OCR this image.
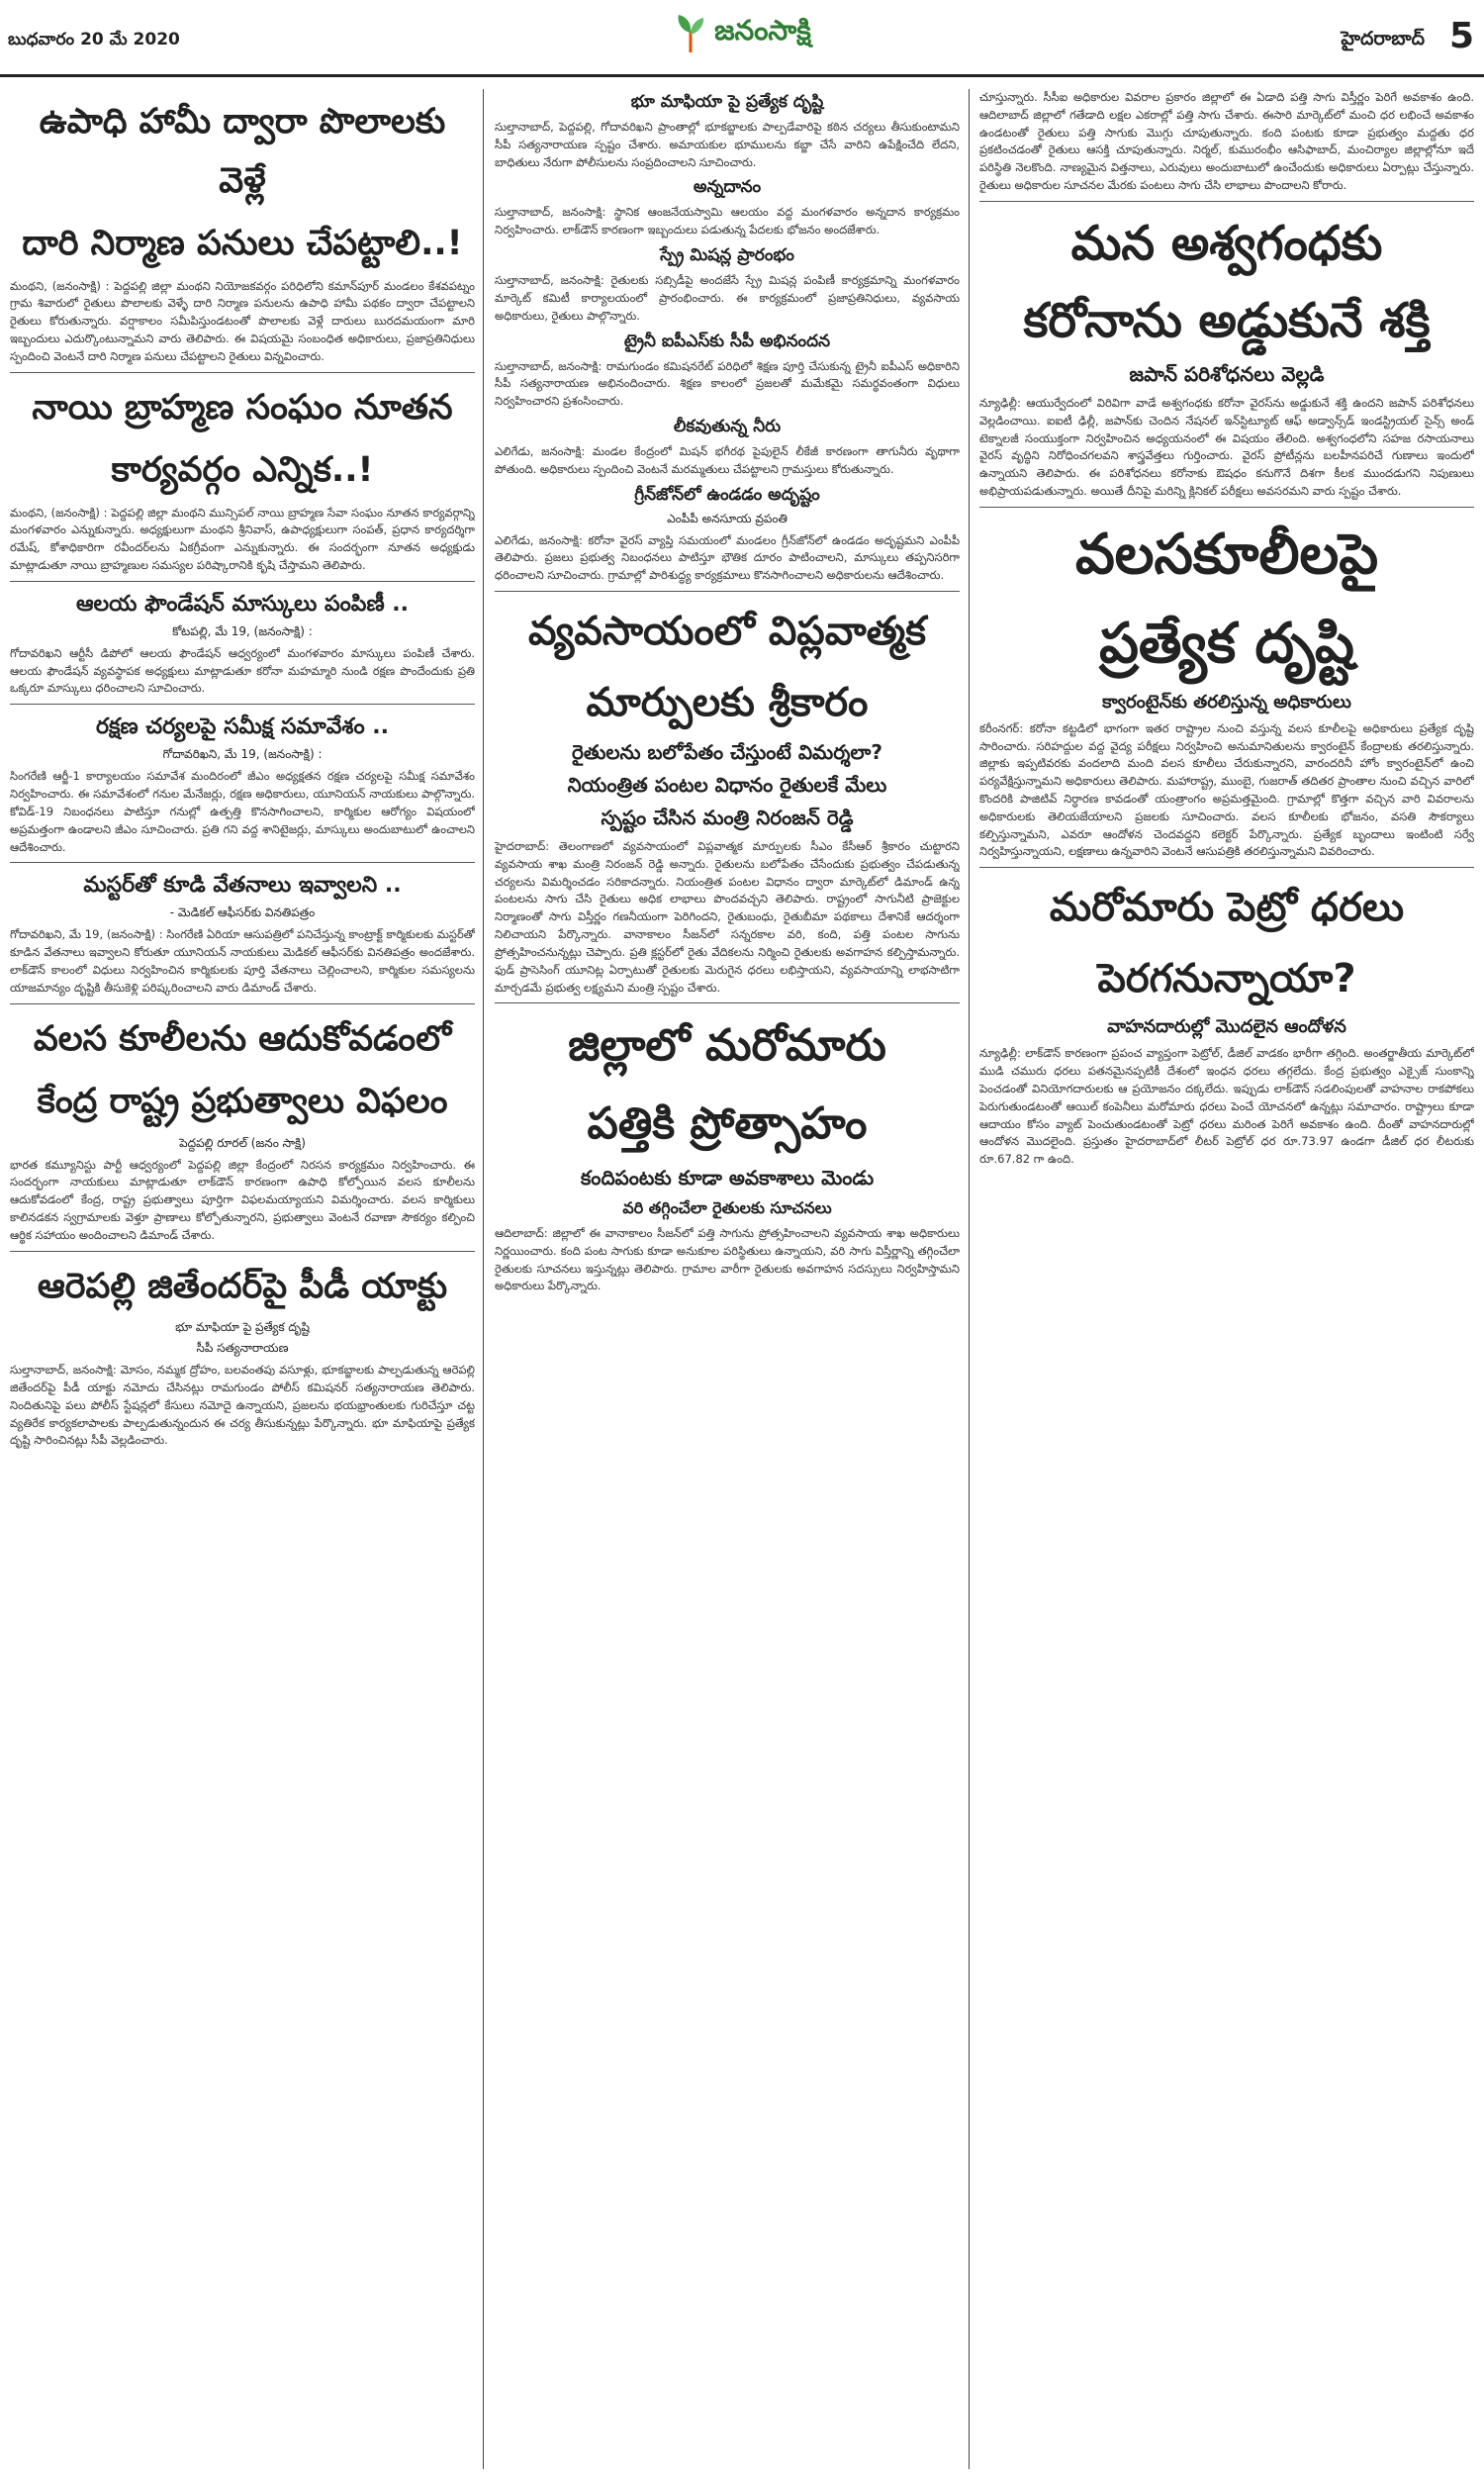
బుధవారం 20 మే 2020	జనంసాక్షి	హైదరాబాద్ 5
ఉపాధి హామీ ద్వారా పొలాలకు వెళ్లే
దారి నిర్మాణ పనులు చేపట్టాలి..!

మంథని, (జనంసాక్షి) : పెద్దపల్లి జిల్లా మంథని నియోజకవర్గం పరిధిలోని కమాన్‌పూర్ మండలం కేశవపట్నం గ్రామ శివారులో రైతులు పొలాలకు వెళ్ళే దారి నిర్మాణ పనులను ఉపాధి హామీ పథకం ద్వారా చేపట్టాలని రైతులు కోరుతున్నారు. వర్షాకాలం సమీపిస్తుండటంతో పొలాలకు వెళ్లే దారులు బురదమయంగా మారి ఇబ్బందులు ఎదుర్కొంటున్నామని వారు తెలిపారు. ఈ విషయమై సంబంధిత అధికారులు, ప్రజాప్రతినిధులు స్పందించి వెంటనే దారి నిర్మాణ పనులు చేపట్టాలని రైతులు విన్నవించారు.

నాయి బ్రాహ్మణ సంఘం నూతన
కార్యవర్గం ఎన్నిక..!

మంథని, (జనంసాక్షి) : పెద్దపల్లి జిల్లా మంథని మున్సిపల్ నాయి బ్రాహ్మణ సేవా సంఘం నూతన కార్యవర్గాన్ని మంగళవారం ఎన్నుకున్నారు. అధ్యక్షులుగా మంథని శ్రీనివాస్, ఉపాధ్యక్షులుగా సంపత్, ప్రధాన కార్యదర్శిగా రమేష్, కోశాధికారిగా రవీందర్‌లను ఏకగ్రీవంగా ఎన్నుకున్నారు. ఈ సందర్భంగా నూతన అధ్యక్షుడు మాట్లాడుతూ నాయి బ్రాహ్మణుల సమస్యల పరిష్కారానికి కృషి చేస్తామని తెలిపారు.

ఆలయ ఫౌండేషన్ మాస్కులు పంపిణీ ..
కోటపల్లి, మే 19, (జనంసాక్షి) :

గోదావరిఖని ఆర్టీసీ డిపోలో ఆలయ ఫౌండేషన్ ఆధ్వర్యంలో మంగళవారం మాస్కులు పంపిణీ చేశారు. ఆలయ ఫౌండేషన్ వ్యవస్థాపక అధ్యక్షులు మాట్లాడుతూ కరోనా మహమ్మారి నుండి రక్షణ పొందేందుకు ప్రతి ఒక్కరూ మాస్కులు ధరించాలని సూచించారు.

రక్షణ చర్యలపై సమీక్ష సమావేశం ..
గోదావరిఖని, మే 19, (జనంసాక్షి) :

సింగరేణి ఆర్జీ-1 కార్యాలయం సమావేశ మందిరంలో జీఎం అధ్యక్షతన రక్షణ చర్యలపై సమీక్ష సమావేశం నిర్వహించారు. ఈ సమావేశంలో గనుల మేనేజర్లు, రక్షణ అధికారులు, యూనియన్ నాయకులు పాల్గొన్నారు. కోవిడ్-19 నిబంధనలు పాటిస్తూ గనుల్లో ఉత్పత్తి కొనసాగించాలని, కార్మికుల ఆరోగ్యం విషయంలో అప్రమత్తంగా ఉండాలని జీఎం సూచించారు. ప్రతి గని వద్ద శానిటైజర్లు, మాస్కులు అందుబాటులో ఉంచాలని ఆదేశించారు.

మస్టర్‌తో కూడి వేతనాలు ఇవ్వాలని ..
- మెడికల్ ఆఫీసర్‌కు వినతిపత్రం

గోదావరిఖని, మే 19, (జనంసాక్షి) : సింగరేణి ఏరియా ఆసుపత్రిలో పనిచేస్తున్న కాంట్రాక్ట్ కార్మికులకు మస్టర్‌తో కూడిన వేతనాలు ఇవ్వాలని కోరుతూ యూనియన్ నాయకులు మెడికల్ ఆఫీసర్‌కు వినతిపత్రం అందజేశారు. లాక్‌డౌన్ కాలంలో విధులు నిర్వహించిన కార్మికులకు పూర్తి వేతనాలు చెల్లించాలని, కార్మికుల సమస్యలను యాజమాన్యం దృష్టికి తీసుకెళ్లి పరిష్కరించాలని వారు డిమాండ్ చేశారు.

వలస కూలీలను ఆదుకోవడంలో
కేంద్ర రాష్ట్ర ప్రభుత్వాలు విఫలం
పెద్దపల్లి రూరల్ (జనం సాక్షి)

భారత కమ్యూనిస్టు పార్టీ ఆధ్వర్యంలో పెద్దపల్లి జిల్లా కేంద్రంలో నిరసన కార్యక్రమం నిర్వహించారు. ఈ సందర్భంగా నాయకులు మాట్లాడుతూ లాక్‌డౌన్ కారణంగా ఉపాధి కోల్పోయిన వలస కూలీలను ఆదుకోవడంలో కేంద్ర, రాష్ట్ర ప్రభుత్వాలు పూర్తిగా విఫలమయ్యాయని విమర్శించారు. వలస కార్మికులు కాలినడకన స్వగ్రామాలకు వెళ్తూ ప్రాణాలు కోల్పోతున్నారని, ప్రభుత్వాలు వెంటనే రవాణా సౌకర్యం కల్పించి ఆర్థిక సహాయం అందించాలని డిమాండ్ చేశారు.

ఆరెపల్లి జితేందర్‌పై పీడీ యాక్టు
భూ మాఫియా పై ప్రత్యేక దృష్టి
సీపీ సత్యనారాయణ

సుల్తానాబాద్, జనంసాక్షి: మోసం, నమ్మక ద్రోహం, బలవంతపు వసూళ్లు, భూకబ్జాలకు పాల్పడుతున్న ఆరెపల్లి జితేందర్‌పై పీడీ యాక్టు నమోదు చేసినట్లు రామగుండం పోలీస్ కమిషనర్ సత్యనారాయణ తెలిపారు. నిందితునిపై పలు పోలీస్ స్టేషన్లలో కేసులు నమోదై ఉన్నాయని, ప్రజలను భయభ్రాంతులకు గురిచేస్తూ చట్ట వ్యతిరేక కార్యకలాపాలకు పాల్పడుతున్నందున ఈ చర్య తీసుకున్నట్లు పేర్కొన్నారు. భూ మాఫియాపై ప్రత్యేక దృష్టి సారించినట్లు సీపీ వెల్లడించారు.

భూ మాఫియా పై ప్రత్యేక దృష్టి

సుల్తానాబాద్, పెద్దపల్లి, గోదావరిఖని ప్రాంతాల్లో భూకబ్జాలకు పాల్పడేవారిపై కఠిన చర్యలు తీసుకుంటామని సీపీ సత్యనారాయణ స్పష్టం చేశారు. అమాయకుల భూములను కబ్జా చేసే వారిని ఉపేక్షించేది లేదని, బాధితులు నేరుగా పోలీసులను సంప్రదించాలని సూచించారు.

అన్నదానం

సుల్తానాబాద్, జనంసాక్షి: స్థానిక ఆంజనేయస్వామి ఆలయం వద్ద మంగళవారం అన్నదాన కార్యక్రమం నిర్వహించారు. లాక్‌డౌన్ కారణంగా ఇబ్బందులు పడుతున్న పేదలకు భోజనం అందజేశారు.

స్ప్రే మిషన్ల ప్రారంభం

సుల్తానాబాద్, జనంసాక్షి: రైతులకు సబ్సిడీపై అందజేసే స్ప్రే మిషన్ల పంపిణీ కార్యక్రమాన్ని మంగళవారం మార్కెట్ కమిటీ కార్యాలయంలో ప్రారంభించారు. ఈ కార్యక్రమంలో ప్రజాప్రతినిధులు, వ్యవసాయ అధికారులు, రైతులు పాల్గొన్నారు.

ట్రైనీ ఐపీఎస్‌కు సీపీ అభినందన

సుల్తానాబాద్, జనంసాక్షి: రామగుండం కమిషనరేట్ పరిధిలో శిక్షణ పూర్తి చేసుకున్న ట్రైనీ ఐపీఎస్ అధికారిని సీపీ సత్యనారాయణ అభినందించారు. శిక్షణ కాలంలో ప్రజలతో మమేకమై సమర్థవంతంగా విధులు నిర్వహించారని ప్రశంసించారు.

లీకవుతున్న నీరు

ఎలిగేడు, జనంసాక్షి: మండల కేంద్రంలో మిషన్ భగీరథ పైపులైన్ లీకేజీ కారణంగా తాగునీరు వృథాగా పోతుంది. అధికారులు స్పందించి వెంటనే మరమ్మతులు చేపట్టాలని గ్రామస్తులు కోరుతున్నారు.

గ్రీన్‌జోన్‌లో ఉండడం అదృష్టం
ఎంపీపీ అనసూయ వ్రపంతి

ఎలిగేడు, జనంసాక్షి: కరోనా వైరస్ వ్యాప్తి సమయంలో మండలం గ్రీన్‌జోన్‌లో ఉండడం అదృష్టమని ఎంపీపీ తెలిపారు. ప్రజలు ప్రభుత్వ నిబంధనలు పాటిస్తూ భౌతిక దూరం పాటించాలని, మాస్కులు తప్పనిసరిగా ధరించాలని సూచించారు. గ్రామాల్లో పారిశుద్ధ్య కార్యక్రమాలు కొనసాగించాలని అధికారులను ఆదేశించారు.

వ్యవసాయంలో విప్లవాత్మక
మార్పులకు శ్రీకారం
రైతులను బలోపేతం చేస్తుంటే విమర్శలా?
నియంత్రిత పంటల విధానం రైతులకే మేలు
స్పష్టం చేసిన మంత్రి నిరంజన్ రెడ్డి

హైదరాబాద్: తెలంగాణలో వ్యవసాయంలో విప్లవాత్మక మార్పులకు సీఎం కేసీఆర్ శ్రీకారం చుట్టారని వ్యవసాయ శాఖ మంత్రి నిరంజన్ రెడ్డి అన్నారు. రైతులను బలోపేతం చేసేందుకు ప్రభుత్వం చేపడుతున్న చర్యలను విమర్శించడం సరికాదన్నారు. నియంత్రిత పంటల విధానం ద్వారా మార్కెట్‌లో డిమాండ్ ఉన్న పంటలను సాగు చేసి రైతులు అధిక లాభాలు పొందవచ్చని తెలిపారు. రాష్ట్రంలో సాగునీటి ప్రాజెక్టుల నిర్మాణంతో సాగు విస్తీర్ణం గణనీయంగా పెరిగిందని, రైతుబంధు, రైతుబీమా పథకాలు దేశానికే ఆదర్శంగా నిలిచాయని పేర్కొన్నారు. వానాకాలం సీజన్‌లో సన్నరకాల వరి, కంది, పత్తి పంటల సాగును ప్రోత్సహించనున్నట్లు చెప్పారు. ప్రతి క్లస్టర్‌లో రైతు వేదికలను నిర్మించి రైతులకు అవగాహన కల్పిస్తామన్నారు. ఫుడ్ ప్రాసెసింగ్ యూనిట్ల ఏర్పాటుతో రైతులకు మెరుగైన ధరలు లభిస్తాయని, వ్యవసాయాన్ని లాభసాటిగా మార్చడమే ప్రభుత్వ లక్ష్యమని మంత్రి స్పష్టం చేశారు.

జిల్లాలో మరోమారు
పత్తికి ప్రోత్సాహం
కందిపంటకు కూడా అవకాశాలు మెండు
వరి తగ్గించేలా రైతులకు సూచనలు

ఆదిలాబాద్: జిల్లాలో ఈ వానాకాలం సీజన్‌లో పత్తి సాగును ప్రోత్సహించాలని వ్యవసాయ శాఖ అధికారులు నిర్ణయించారు. కంది పంట సాగుకు కూడా అనుకూల పరిస్థితులు ఉన్నాయని, వరి సాగు విస్తీర్ణాన్ని తగ్గించేలా రైతులకు సూచనలు ఇస్తున్నట్లు తెలిపారు. గ్రామాల వారీగా రైతులకు అవగాహన సదస్సులు నిర్వహిస్తామని అధికారులు పేర్కొన్నారు.

చూస్తున్నారు. సీసీఐ అధికారుల వివరాల ప్రకారం జిల్లాలో ఈ ఏడాది పత్తి సాగు విస్తీర్ణం పెరిగే అవకాశం ఉంది. ఆదిలాబాద్ జిల్లాలో గతేడాది లక్షల ఎకరాల్లో పత్తి సాగు చేశారు. ఈసారి మార్కెట్‌లో మంచి ధర లభించే అవకాశం ఉండటంతో రైతులు పత్తి సాగుకు మొగ్గు చూపుతున్నారు. కంది పంటకు కూడా ప్రభుత్వం మద్దతు ధర ప్రకటించడంతో రైతులు ఆసక్తి చూపుతున్నారు. నిర్మల్, కుమురంభీం ఆసిఫాబాద్, మంచిర్యాల జిల్లాల్లోనూ ఇదే పరిస్థితి నెలకొంది. నాణ్యమైన విత్తనాలు, ఎరువులు అందుబాటులో ఉంచేందుకు అధికారులు ఏర్పాట్లు చేస్తున్నారు. రైతులు అధికారుల సూచనల మేరకు పంటలు సాగు చేసి లాభాలు పొందాలని కోరారు.

మన అశ్వగంధకు
కరోనాను అడ్డుకునే శక్తి
జపాన్ పరిశోధనలు వెల్లడి

న్యూఢిల్లీ: ఆయుర్వేదంలో విరివిగా వాడే అశ్వగంధకు కరోనా వైరస్‌ను అడ్డుకునే శక్తి ఉందని జపాన్ పరిశోధనలు వెల్లడించాయి. ఐఐటీ ఢిల్లీ, జపాన్‌కు చెందిన నేషనల్ ఇన్‌స్టిట్యూట్ ఆఫ్ అడ్వాన్స్‌డ్ ఇండస్ట్రియల్ సైన్స్ అండ్ టెక్నాలజీ సంయుక్తంగా నిర్వహించిన అధ్యయనంలో ఈ విషయం తేలింది. అశ్వగంధలోని సహజ రసాయనాలు వైరస్ వృద్ధిని నిరోధించగలవని శాస్త్రవేత్తలు గుర్తించారు. వైరస్ ప్రోటీన్లను బలహీనపరిచే గుణాలు ఇందులో ఉన్నాయని తెలిపారు. ఈ పరిశోధనలు కరోనాకు ఔషధం కనుగొనే దిశగా కీలక ముందడుగని నిపుణులు అభిప్రాయపడుతున్నారు. అయితే దీనిపై మరిన్ని క్లినికల్ పరీక్షలు అవసరమని వారు స్పష్టం చేశారు.

వలసకూలీలపై
ప్రత్యేక దృష్టి
క్వారంటైన్‌కు తరలిస్తున్న అధికారులు

కరీంనగర్: కరోనా కట్టడిలో భాగంగా ఇతర రాష్ట్రాల నుంచి వస్తున్న వలస కూలీలపై అధికారులు ప్రత్యేక దృష్టి సారించారు. సరిహద్దుల వద్ద వైద్య పరీక్షలు నిర్వహించి అనుమానితులను క్వారంటైన్ కేంద్రాలకు తరలిస్తున్నారు. జిల్లాకు ఇప్పటివరకు వందలాది మంది వలస కూలీలు చేరుకున్నారని, వారందరినీ హోం క్వారంటైన్‌లో ఉంచి పర్యవేక్షిస్తున్నామని అధికారులు తెలిపారు. మహారాష్ట్ర, ముంబై, గుజరాత్ తదితర ప్రాంతాల నుంచి వచ్చిన వారిలో కొందరికి పాజిటివ్ నిర్ధారణ కావడంతో యంత్రాంగం అప్రమత్తమైంది. గ్రామాల్లో కొత్తగా వచ్చిన వారి వివరాలను అధికారులకు తెలియజేయాలని ప్రజలకు సూచించారు. వలస కూలీలకు భోజనం, వసతి సౌకర్యాలు కల్పిస్తున్నామని, ఎవరూ ఆందోళన చెందవద్దని కలెక్టర్ పేర్కొన్నారు. ప్రత్యేక బృందాలు ఇంటింటి సర్వే నిర్వహిస్తున్నాయని, లక్షణాలు ఉన్నవారిని వెంటనే ఆసుపత్రికి తరలిస్తున్నామని వివరించారు.

మరోమారు పెట్రో ధరలు
పెరగనున్నాయా?
వాహనదారుల్లో మొదలైన ఆందోళన

న్యూఢిల్లీ: లాక్‌డౌన్ కారణంగా ప్రపంచ వ్యాప్తంగా పెట్రోల్, డీజిల్ వాడకం భారీగా తగ్గింది. అంతర్జాతీయ మార్కెట్‌లో ముడి చమురు ధరలు పతనమైనప్పటికీ దేశంలో ఇంధన ధరలు తగ్గలేదు. కేంద్ర ప్రభుత్వం ఎక్సైజ్ సుంకాన్ని పెంచడంతో వినియోగదారులకు ఆ ప్రయోజనం దక్కలేదు. ఇప్పుడు లాక్‌డౌన్ సడలింపులతో వాహనాల రాకపోకలు పెరుగుతుండటంతో ఆయిల్ కంపెనీలు మరోమారు ధరలు పెంచే యోచనలో ఉన్నట్లు సమాచారం. రాష్ట్రాలు కూడా ఆదాయం కోసం వ్యాట్ పెంచుతుండటంతో పెట్రో ధరలు మరింత పెరిగే అవకాశం ఉంది. దీంతో వాహనదారుల్లో ఆందోళన మొదలైంది. ప్రస్తుతం హైదరాబాద్‌లో లీటర్ పెట్రోల్ ధర రూ.73.97 ఉండగా డీజిల్ ధర లీటరుకు రూ.67.82 గా ఉంది.
